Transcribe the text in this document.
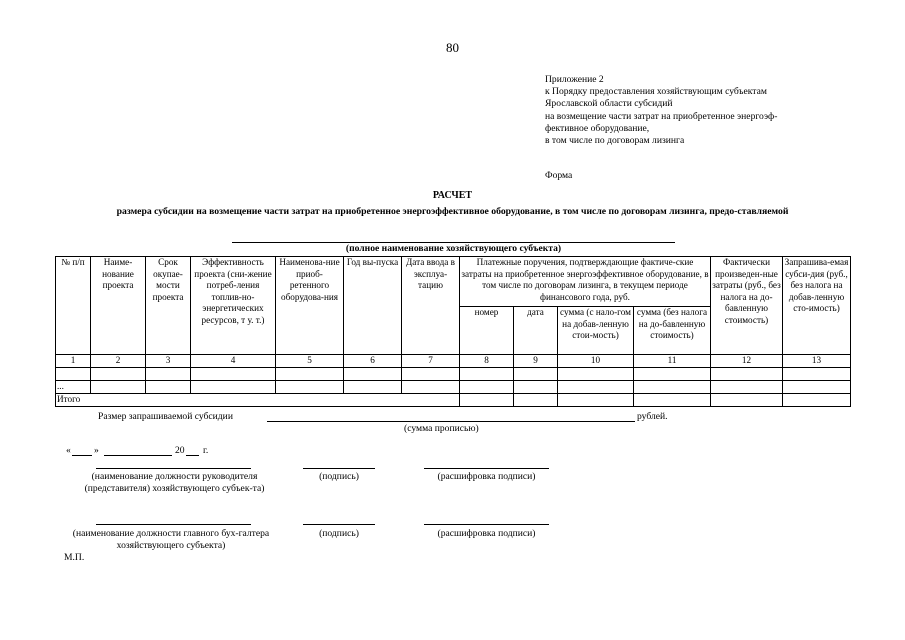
80
Приложение 2
к Порядку предоставления хозяйствующим субъектам
Ярославской области субсидий
на возмещение части затрат на приобретенное энергоэф-
фективное оборудование,
в том числе по договорам лизинга
Форма
РАСЧЕТ
размера субсидии на возмещение части затрат на приобретенное энергоэффективное оборудование, в том числе по договорам лизинга, предо-ставляемой
(полное наименование хозяйствующего субъекта)
№ п/п	Наиме-нование проекта	Срок окупае-мости проекта	Эффективность проекта (сни-жение потреб-ления топлив-но-энергетических ресурсов, т у. т.)	Наименова-ние приоб-ретенного оборудова-ния	Год вы-пуска	Дата ввода в эксплуа-тацию	Платежные поручения, подтверждающие фактиче-ские затраты на приобретенное энергоэффективное оборудование, в том числе по договорам лизинга, в текущем периоде финансового года, руб.				Фактически произведен-ные затраты (руб., без налога на до-бавленную стоимость)	Запрашива-емая субси-дия (руб., без налога на добав-ленную сто-имость)
							номер	дата	сумма (с нало-гом на добав-ленную стои-мость)	сумма (без налога на до-бавленную стоимость)		
1	2	3	4	5	6	7	8	9	10	11	12	13

...												
Итого												
Размер запрашиваемой субсидии	рублей.
(сумма прописью)
« »	20 г.
(наименование должности руководителя (представителя) хозяйствующего субъек-та)
(подпись)	(расшифровка подписи)
(наименование должности главного бух-галтера хозяйствующего субъекта)
(подпись)	(расшифровка подписи)
М.П.
